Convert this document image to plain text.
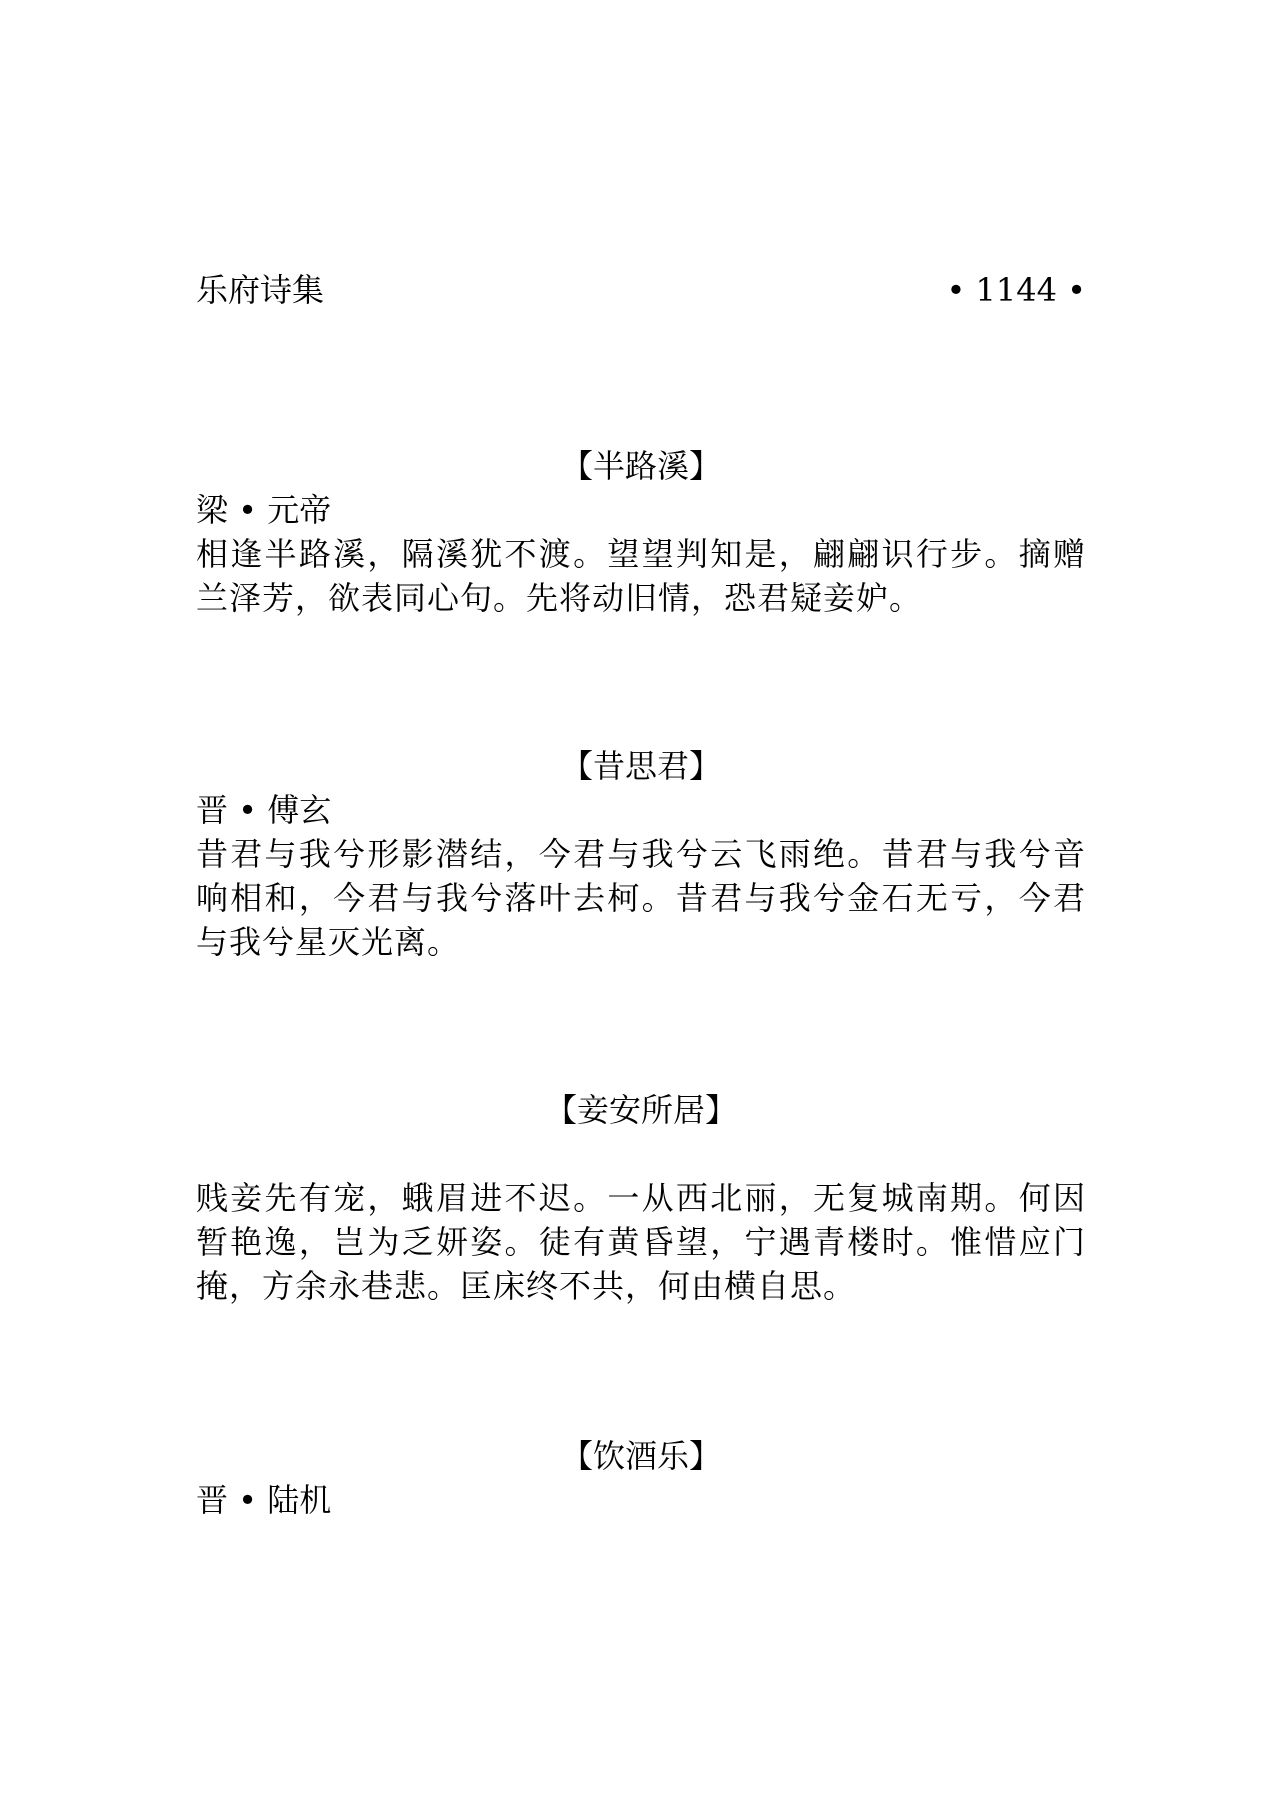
乐府诗集	• 1144 •
【半路溪】
梁 • 元帝
相逢半路溪，隔溪犹不渡。望望判知是，翩翩识行步。摘赠兰泽芳，欲表同心句。先将动旧情，恐君疑妾妒。
【昔思君】
晋 • 傅玄
昔君与我兮形影潜结，今君与我兮云飞雨绝。昔君与我兮音响相和，今君与我兮落叶去柯。昔君与我兮金石无亏，今君与我兮星灭光离。
【妾安所居】
贱妾先有宠，蛾眉进不迟。一从西北丽，无复城南期。何因暂艳逸，岂为乏妍姿。徒有黄昏望，宁遇青楼时。惟惜应门掩，方余永巷悲。匡床终不共，何由横自思。
【饮酒乐】
晋 • 陆机
